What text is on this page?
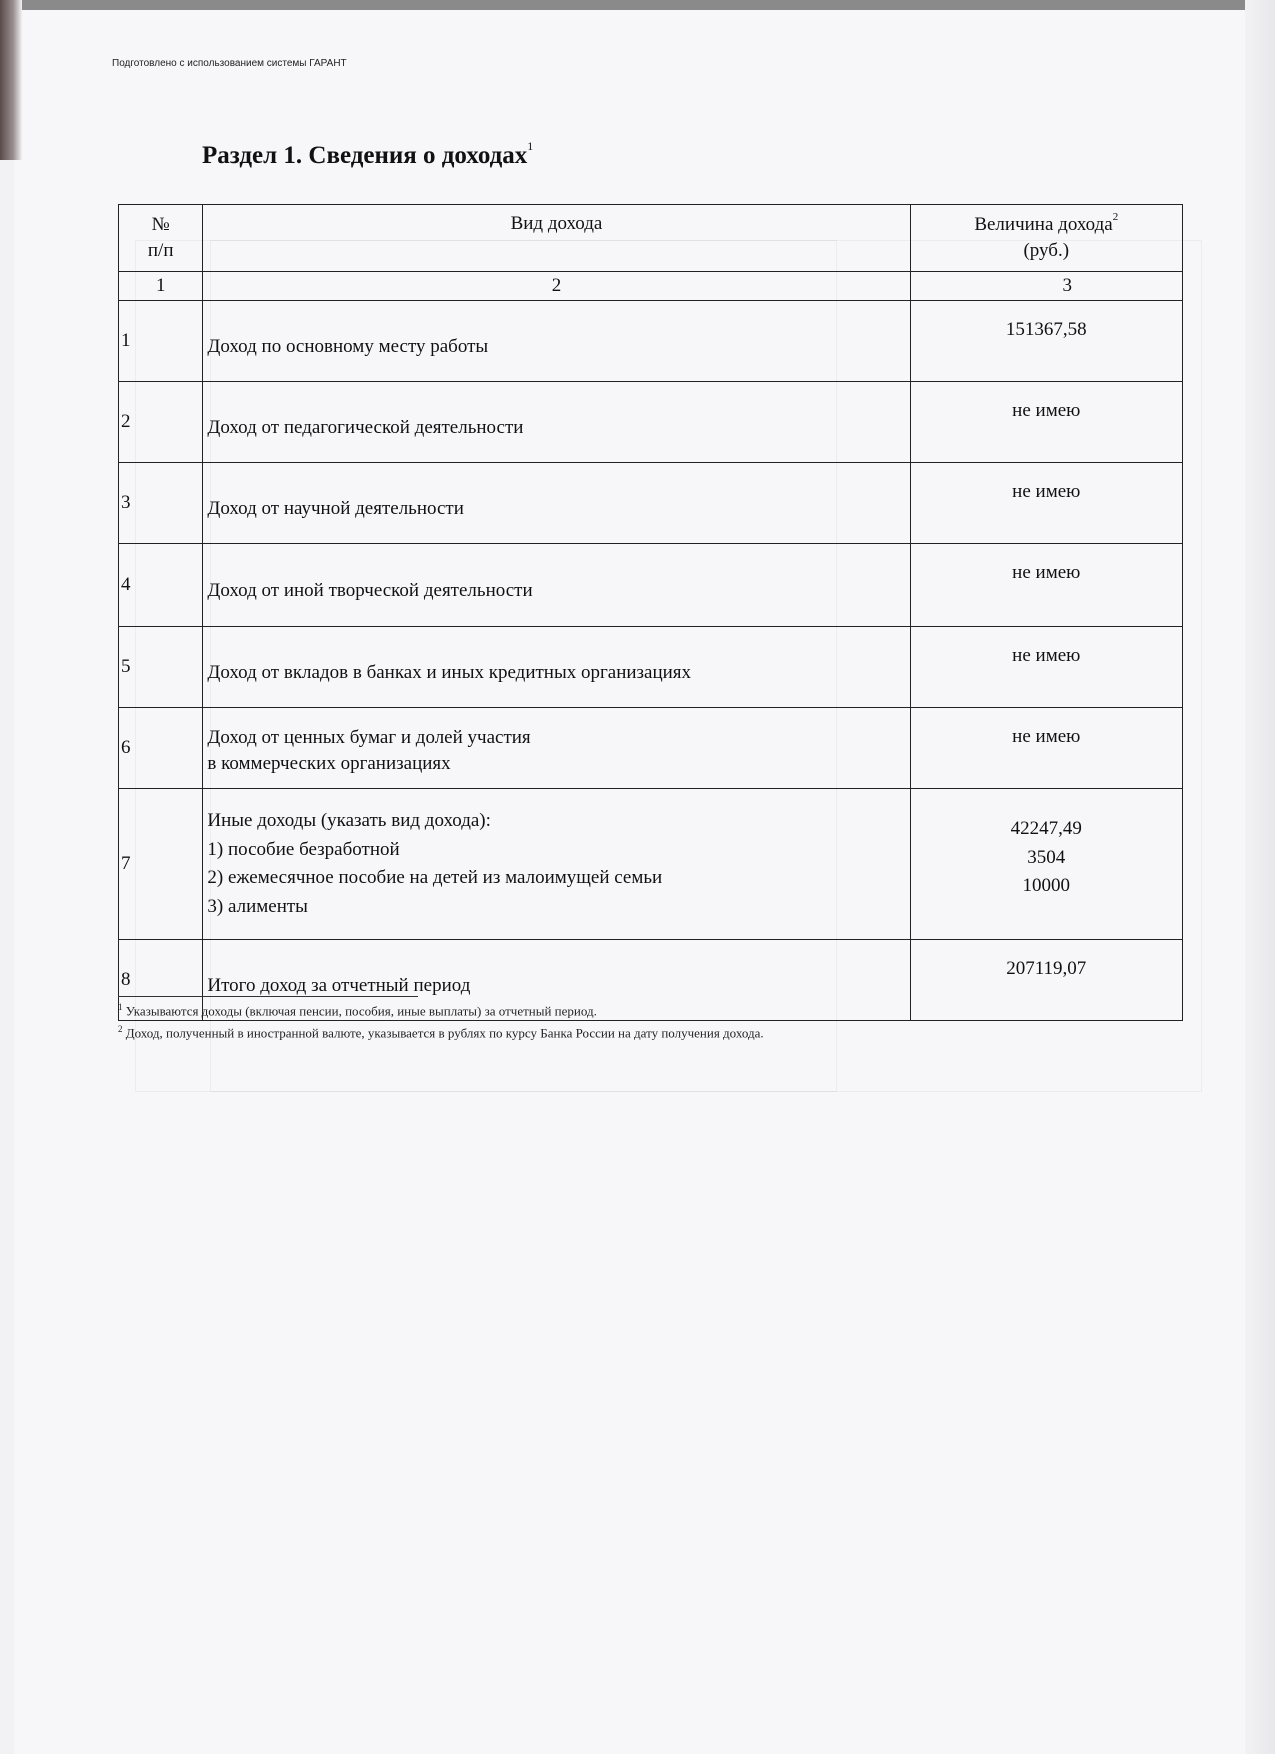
Подготовлено с использованием системы ГАРАНТ
Раздел 1. Сведения о доходах$^1$
№
п/п	Вид дохода	Величина дохода$^2$
(руб.)
1	2	3
1	Доход по основному месту работы	151367,58
2	Доход от педагогической деятельности	не имею
3	Доход от научной деятельности	не имею
4	Доход от иной творческой деятельности	не имею
5	Доход от вкладов в банках и иных кредитных организациях	не имею
6	Доход от ценных бумаг и долей участия
в коммерческих организациях	не имею
7	Иные доходы (указать вид дохода):
1) пособие безработной
2) ежемесячное пособие на детей из малоимущей семьи
3) алименты	42247,49
3504
10000
8	Итого доход за отчетный период	207119,07
$^1$ Указываются доходы (включая пенсии, пособия, иные выплаты) за отчетный период.
$^2$ Доход, полученный в иностранной валюте, указывается в рублях по курсу Банка России на дату получения дохода.
